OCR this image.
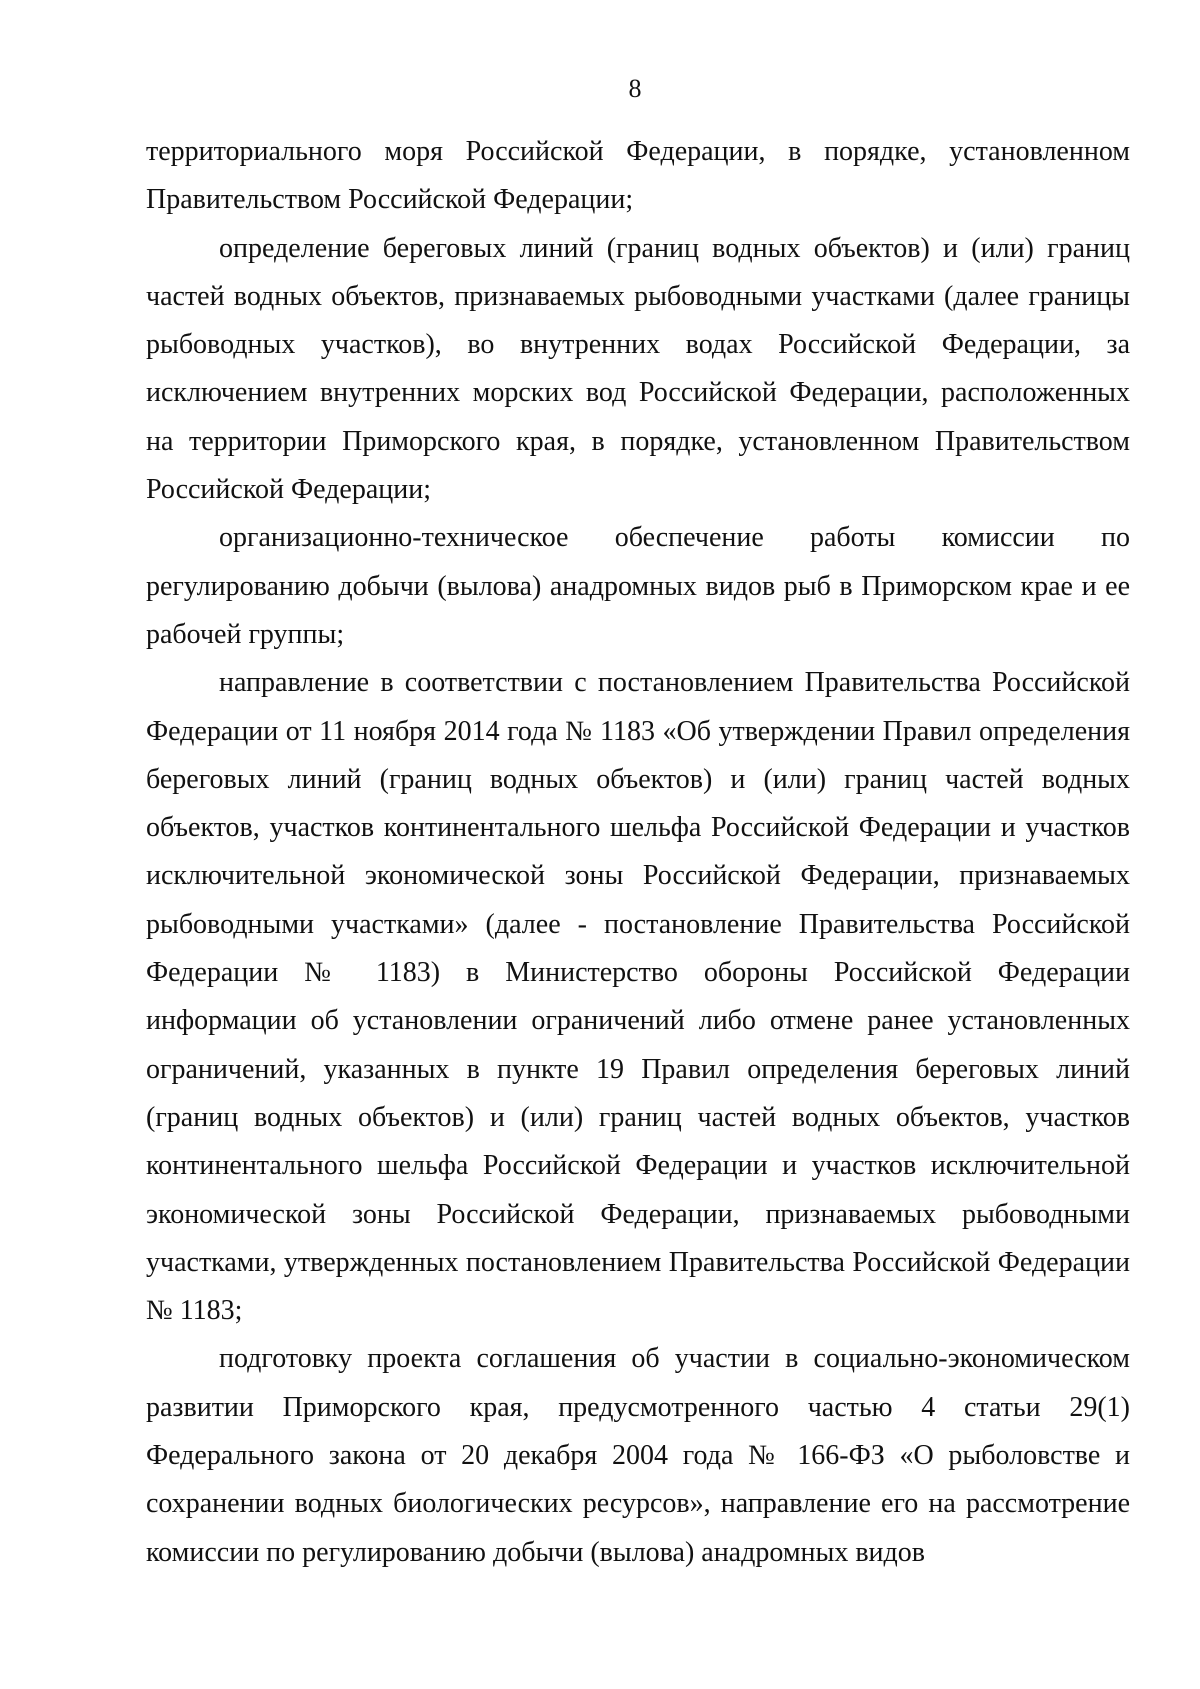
8

территориального моря Российской Федерации, в порядке, установленном Правительством Российской Федерации;

определение береговых линий (границ водных объектов) и (или) границ частей водных объектов, признаваемых рыбоводными участками (далее границы рыбоводных участков), во внутренних водах Российской Федерации, за исключением внутренних морских вод Российской Федерации, расположенных на территории Приморского края, в порядке, установленном Правительством Российской Федерации;

организационно-техническое обеспечение работы комиссии по регулированию добычи (вылова) анадромных видов рыб в Приморском крае и ее рабочей группы;

направление в соответствии с постановлением Правительства Российской Федерации от 11 ноября 2014 года № 1183 «Об утверждении Правил определения береговых линий (границ водных объектов) и (или) границ частей водных объектов, участков континентального шельфа Российской Федерации и участков исключительной экономической зоны Российской Федерации, признаваемых рыбоводными участками» (далее - постановление Правительства Российской Федерации № 1183) в Министерство обороны Российской Федерации информации об установлении ограничений либо отмене ранее установленных ограничений, указанных в пункте 19 Правил определения береговых линий (границ водных объектов) и (или) границ частей водных объектов, участков континентального шельфа Российской Федерации и участков исключительной экономической зоны Российской Федерации, признаваемых рыбоводными участками, утвержденных постановлением Правительства Российской Федерации № 1183;

подготовку проекта соглашения об участии в социально-экономическом развитии Приморского края, предусмотренного частью 4 статьи 29(1) Федерального закона от 20 декабря 2004 года № 166-ФЗ «О рыболовстве и сохранении водных биологических ресурсов», направление его на рассмотрение комиссии по регулированию добычи (вылова) анадромных видов
